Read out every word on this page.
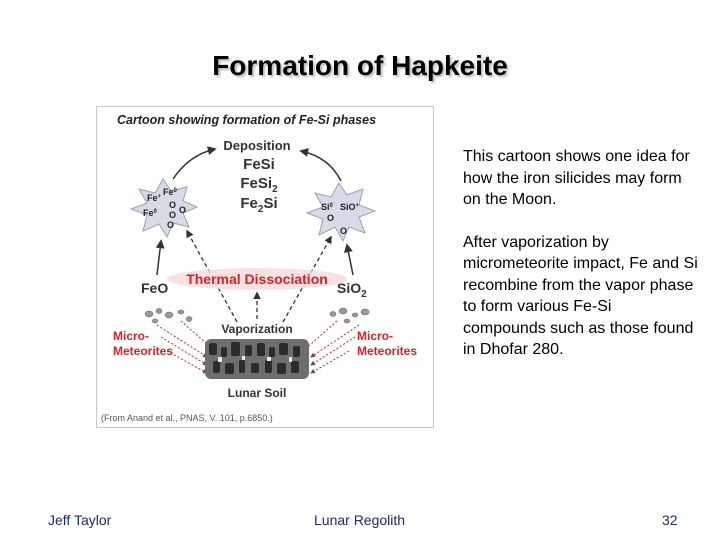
Formation of Hapkeite
Cartoon showing formation of Fe-Si phases
Deposition
FeSi
FeSi$_2$
$Fe_2Si$
Fe+ Fe$^0$
Fe$^0$
O O
O
O
Si$^0$ SiO+
O
O
Thermal Dissociation
FeO	SiO$_2$
Micro-
Meteorites
Micro-
Meteorites
Vaporization
Lunar Soil
(From Anand et al., PNAS, V. 101, p.6850.)

This cartoon shows one idea for how the iron silicides may form on the Moon.

After vaporization by micrometeorite impact, Fe and Si recombine from the vapor phase to form various Fe-Si compounds such as those found in Dhofar 280.

Jeff Taylor	Lunar Regolith	32
